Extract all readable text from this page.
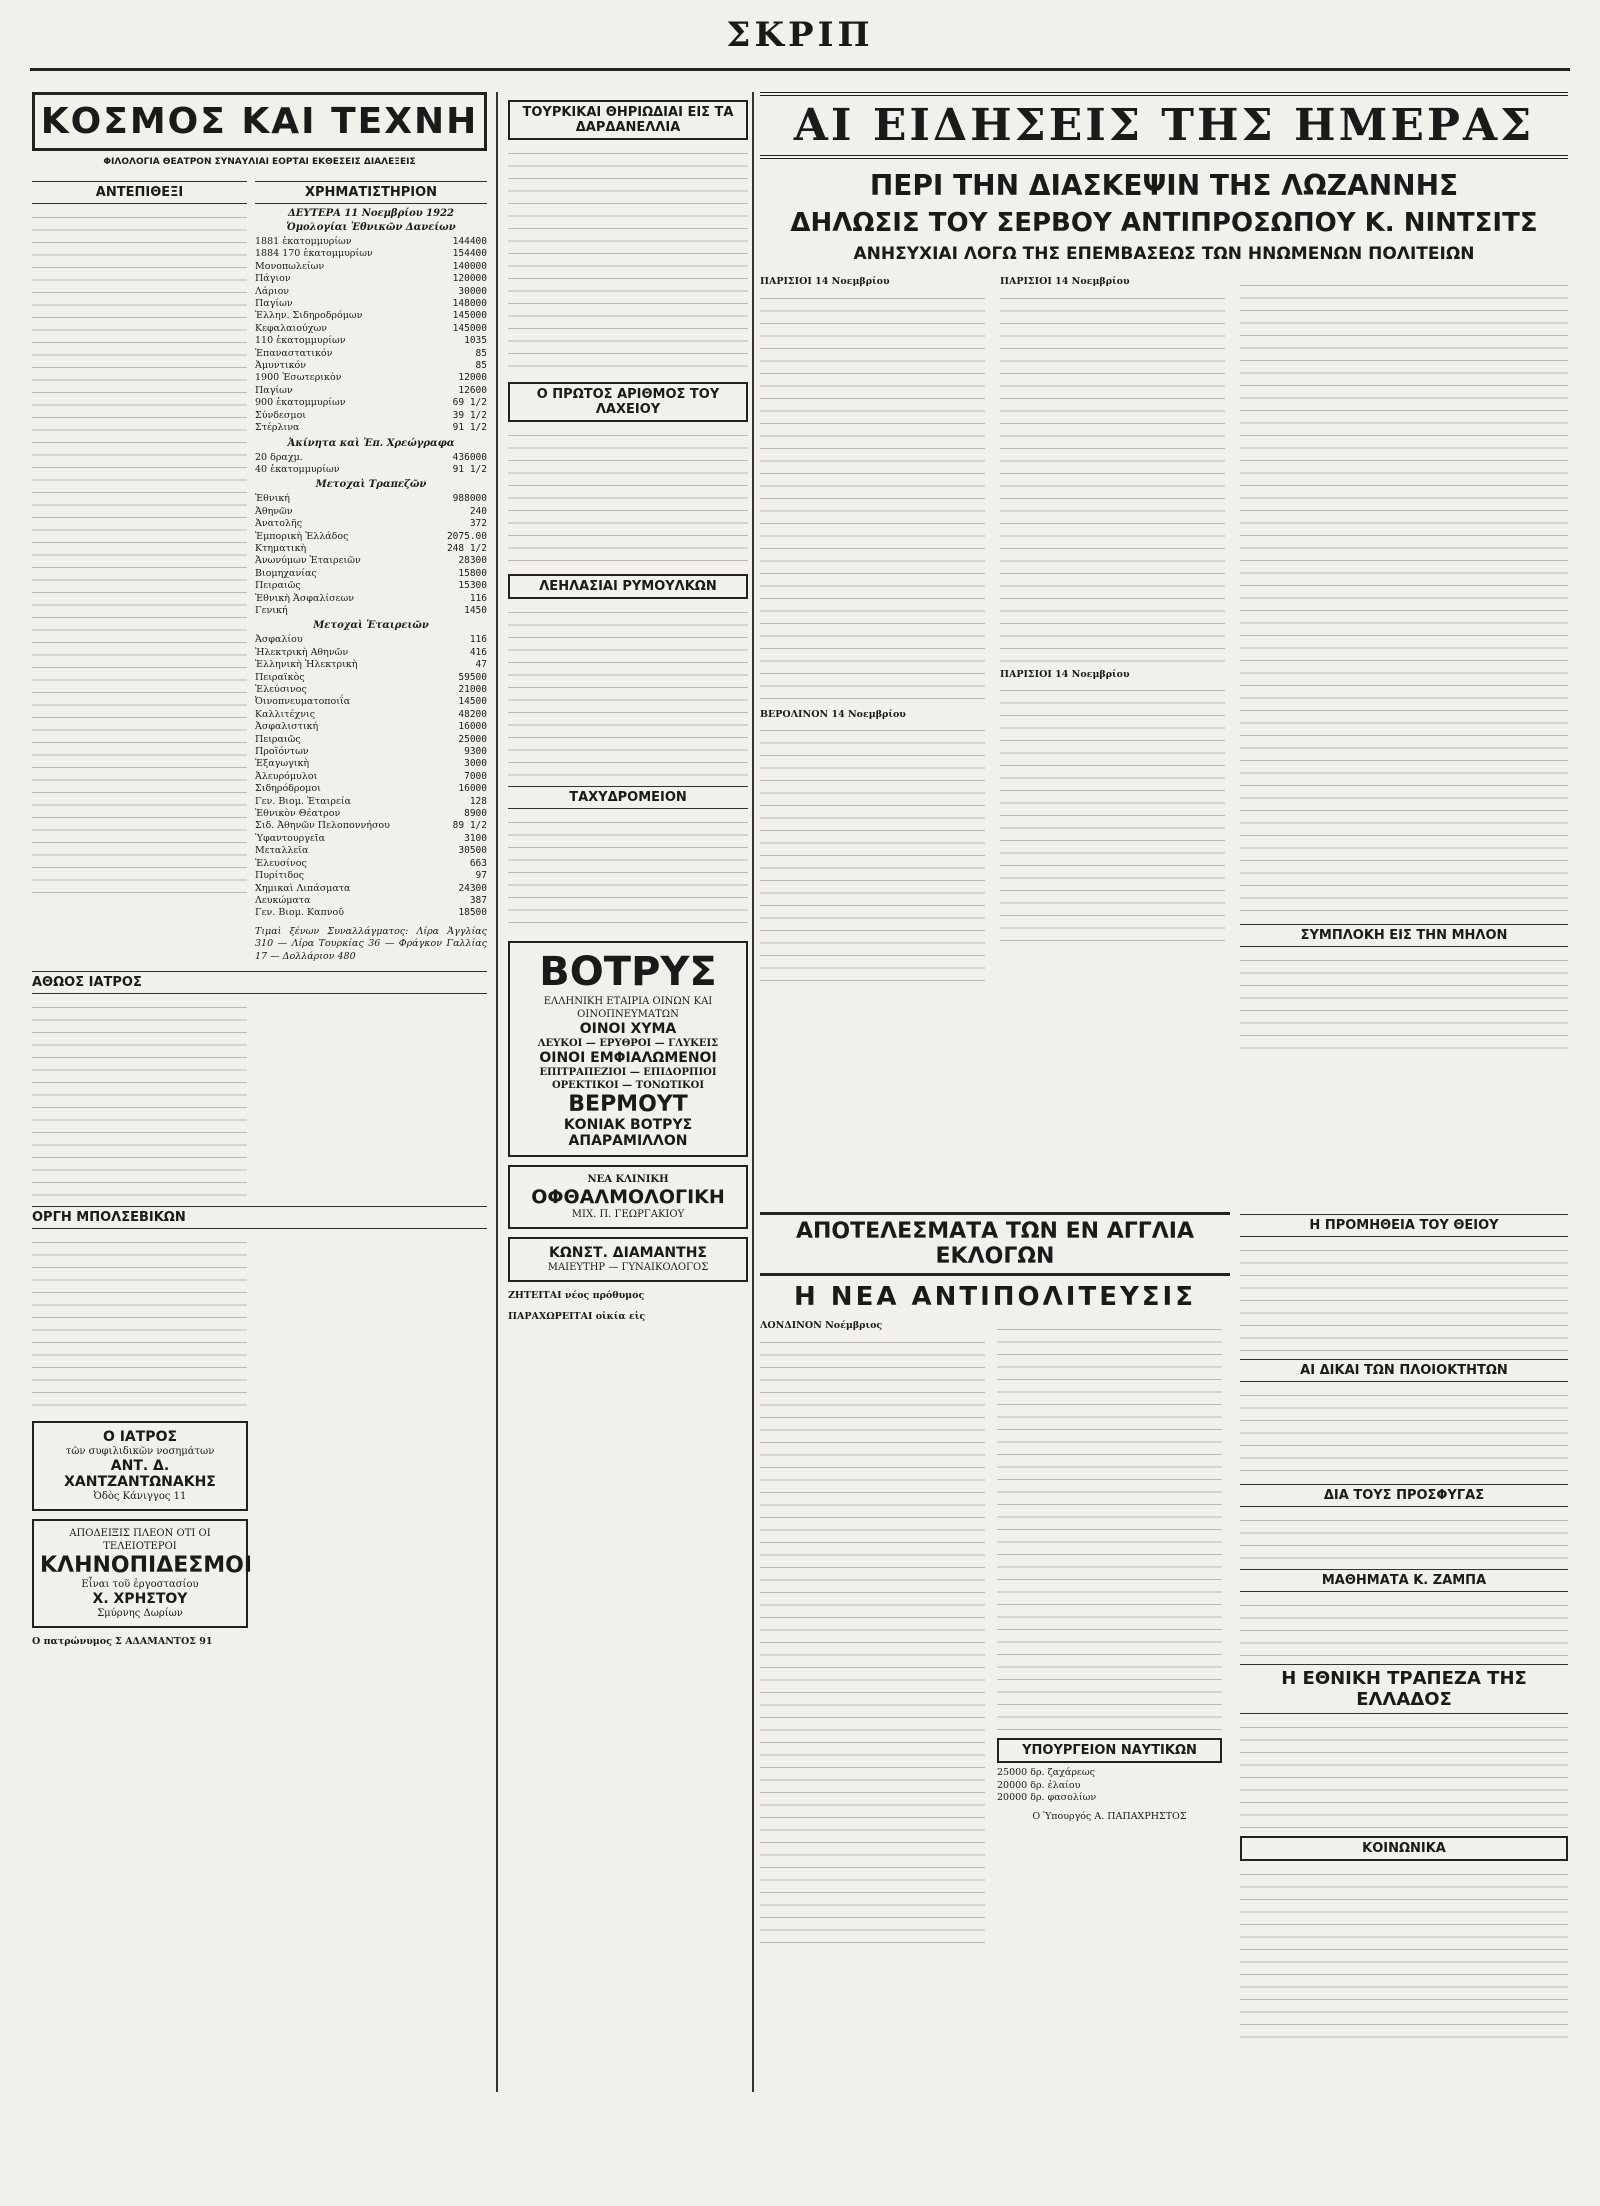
ΣΚΡΙΠ
ΚΟΣΜΟΣ ΚΑΙ ΤΕΧΝΗ
ΦΙΛΟΛΟΓΙΑ ΘΕΑΤΡΟΝ ΣΥΝΑΥΛΙΑΙ ΕΟΡΤΑΙ ΕΚΘΕΣΕΙΣ ΔΙΑΛΕΞΕΙΣ
ΑΝΤΕΠΙΘΕΞΙ	ΧΡΗΜΑΤΙΣΤΗΡΙΟΝ
ΔΕΥΤΕΡΑ 11 Νοεμβρίου 1922
Ὁμολογίαι Ἐθνικῶν Δανείων
1881 ἑκατομμυρίων	144400
1884 170 ἑκατομμυρίων	154400
Μονοπωλείων	140000
Πάγιον	120000
Λάριον	30000
Παγίων	148000
Ἑλλην. Σιδηροδρόμων	145000
Κεφαλαιούχων	145000
110 ἑκατομμυρίων	1035
Ἑπαναστατικόν	85
Ἀμυντικόν	85
1900 Ἐσωτερικὸν	12000
Παγίων	12600
900 ἑκατομμυρίων	69 1/2
Σύνδεσμοι	39 1/2
Στέρλινα	91 1/2
Ἀκίνητα καὶ Ἐπ. Χρεώγραφα
20 δραχμ.	436000
40 ἑκατομμυρίων	91 1/2
Μετοχαὶ Τραπεζῶν
Ἐθνική	988000
Ἀθηνῶν	240
Ἀνατολῆς	372
Ἐμπορικὴ Ἑλλάδος	2075.00
Κτηματικὴ	248 1/2
Ἀνωνύμων Ἑταιρειῶν	28300
Βιομηχανίας	15800
Πειραιῶς	15300
Ἐθνικὴ Ἀσφαλίσεων	116
Γενική	1450
Μετοχαὶ Ἑταιρειῶν
Ἀσφαλίου	116
Ἠλεκτρικὴ Αθηνῶν	416
Ἑλληνικὴ Ἠλεκτρικὴ	47
Πειραϊκὸς	59500
Ἐλεύσινος	21000
Ὀινοπνευματοποιΐα	14500
Καλλιτέχνις	48200
Ἀσφαλιστική	16000
Πειραιῶς	25000
Προϊόντων	9300
Ἑξαγωγικὴ	3000
Ἀλευρόμυλοι	7000
Σιδηρόδρομοι	16000
Γεν. Βιομ. Ἑταιρεία	128
Ἐθνικὸν Θέατρον	8900
Σιδ. Ἀθηνῶν Πελοποννήσου	89 1/2
Ὑφαντουργεῖα	3100
Μεταλλεῖα	30500
Ἐλευσίνος	663
Πυρίτιδος	97
Χημικαὶ Λιπάσματα	24300
Λευκώματα	387
Γεν. Βιομ. Καπνοῦ	18500
Τιμαὶ ξένων Συναλλάγματος: Λίρα Ἀγγλίας 310 — Λίρα Τουρκίας 36 — Φράγκον Γαλλίας 17 — Δολλάριον 480
ΑΘΩΟΣ ΙΑΤΡΟΣ
ΟΡΓΗ ΜΠΟΛΣΕΒΙΚΩΝ
Ο ΙΑΤΡΟΣ
τῶν συφιλιδικῶν νοσημάτων
ΑΝΤ. Δ. ΧΑΝΤΖΑΝΤΩΝΑΚΗΣ
Ὀδὸς Κάνιγγος 11
ΑΠΟΔΕΙΞΙΣ ΠΛΕΟΝ ΟΤΙ ΟΙ ΤΕΛΕΙΟΤΕΡΟΙ
ΚΛΗΝΟΠΙΔΕΣΜΟΙ
Εἶναι τοῦ ἐργοστασίου
Χ. ΧΡΗΣΤΟΥ
Σμύρνης Δωρίων
Ο πατρώνυμος Σ ΑΔΑΜΑΝΤΟΣ 91
ΤΟΥΡΚΙΚΑΙ ΘΗΡΙΩΔΙΑΙ ΕΙΣ ΤΑ ΔΑΡΔΑΝΕΛΛΙΑ
Ο ΠΡΩΤΟΣ ΑΡΙΘΜΟΣ ΤΟΥ ΛΑΧΕΙΟΥ
ΛΕΗΛΑΣΙΑΙ ΡΥΜΟΥΛΚΩΝ
ΤΑΧΥΔΡΟΜΕΙΟΝ
ΒΟΤΡΥΣ
ΕΛΛΗΝΙΚΗ ΕΤΑΙΡΙΑ ΟΙΝΩΝ ΚΑΙ ΟΙΝΟΠΝΕΥΜΑΤΩΝ
ΟΙΝΟΙ ΧΥΜΑ
ΛΕΥΚΟΙ — ΕΡΥΘΡΟΙ — ΓΛΥΚΕΙΣ
ΟΙΝΟΙ ΕΜΦΙΑΛΩΜΕΝΟΙ
ΕΠΙΤΡΑΠΕΖΙΟΙ — ΕΠΙΔΟΡΠΙΟΙ
ΟΡΕΚΤΙΚΟΙ — ΤΟΝΩΤΙΚΟΙ
ΒΕΡΜΟΥΤ
ΚΟΝΙΑΚ ΒΟΤΡΥΣ
ΑΠΑΡΑΜΙΛΛΟΝ
ΝΕΑ ΚΛΙΝΙΚΗ
ΟΦΘΑΛΜΟΛΟΓΙΚΗ
ΜΙΧ. Π. ΓΕΩΡΓΑΚΙΟΥ
ΚΩΝΣΤ. ΔΙΑΜΑΝΤΗΣ
ΜΑΙΕΥΤΗΡ — ΓΥΝΑΙΚΟΛΟΓΟΣ
ΖΗΤΕΙΤΑΙ νέος πρόθυμος
ΠΑΡΑΧΩΡΕΙΤΑΙ οἰκία εἰς
ΑΙ ΕΙΔΗΣΕΙΣ ΤΗΣ ΗΜΕΡΑΣ
ΠΕΡΙ ΤΗΝ ΔΙΑΣΚΕΨΙΝ ΤΗΣ ΛΩΖΑΝΝΗΣ
ΔΗΛΩΣΙΣ ΤΟΥ ΣΕΡΒΟΥ ΑΝΤΙΠΡΟΣΩΠΟΥ Κ. ΝΙΝΤΣΙΤΣ
ΑΝΗΣΥΧΙΑΙ ΛΟΓΩ ΤΗΣ ΕΠΕΜΒΑΣΕΩΣ ΤΩΝ ΗΝΩΜΕΝΩΝ ΠΟΛΙΤΕΙΩΝ
ΠΑΡΙΣΙΟΙ 14 Νοεμβρίου
ΒΕΡΟΛΙΝΟΝ 14 Νοεμβρίου
ΠΑΡΙΣΙΟΙ 14 Νοεμβρίου
ΠΑΡΙΣΙΟΙ 14 Νοεμβρίου
ΣΥΜΠΛΟΚΗ ΕΙΣ ΤΗΝ ΜΗΛΟΝ
ΑΠΟΤΕΛΕΣΜΑΤΑ ΤΩΝ ΕΝ ΑΓΓΛΙΑ ΕΚΛΟΓΩΝ
Η ΝΕΑ ΑΝΤΙΠΟΛΙΤΕΥΣΙΣ
ΛΟΝΔΙΝΟΝ Νοέμβριος
ΥΠΟΥΡΓΕΙΟΝ ΝΑΥΤΙΚΩΝ
25000 δρ. ζαχάρεως
20000 δρ. ἐλαίου
20000 δρ. φασολίων
Ο Ὑπουργός Α. ΠΑΠΑΧΡΗΣΤΟΣ
Η ΠΡΟΜΗΘΕΙΑ ΤΟΥ ΘΕΙΟΥ
ΑΙ ΔΙΚΑΙ ΤΩΝ ΠΛΟΙΟΚΤΗΤΩΝ
ΔΙΑ ΤΟΥΣ ΠΡΟΣΦΥΓΑΣ
ΜΑΘΗΜΑΤΑ Κ. ΖΑΜΠΑ
Η ΕΘΝΙΚΗ ΤΡΑΠΕΖΑ ΤΗΣ ΕΛΛΑΔΟΣ
ΚΟΙΝΩΝΙΚΑ
